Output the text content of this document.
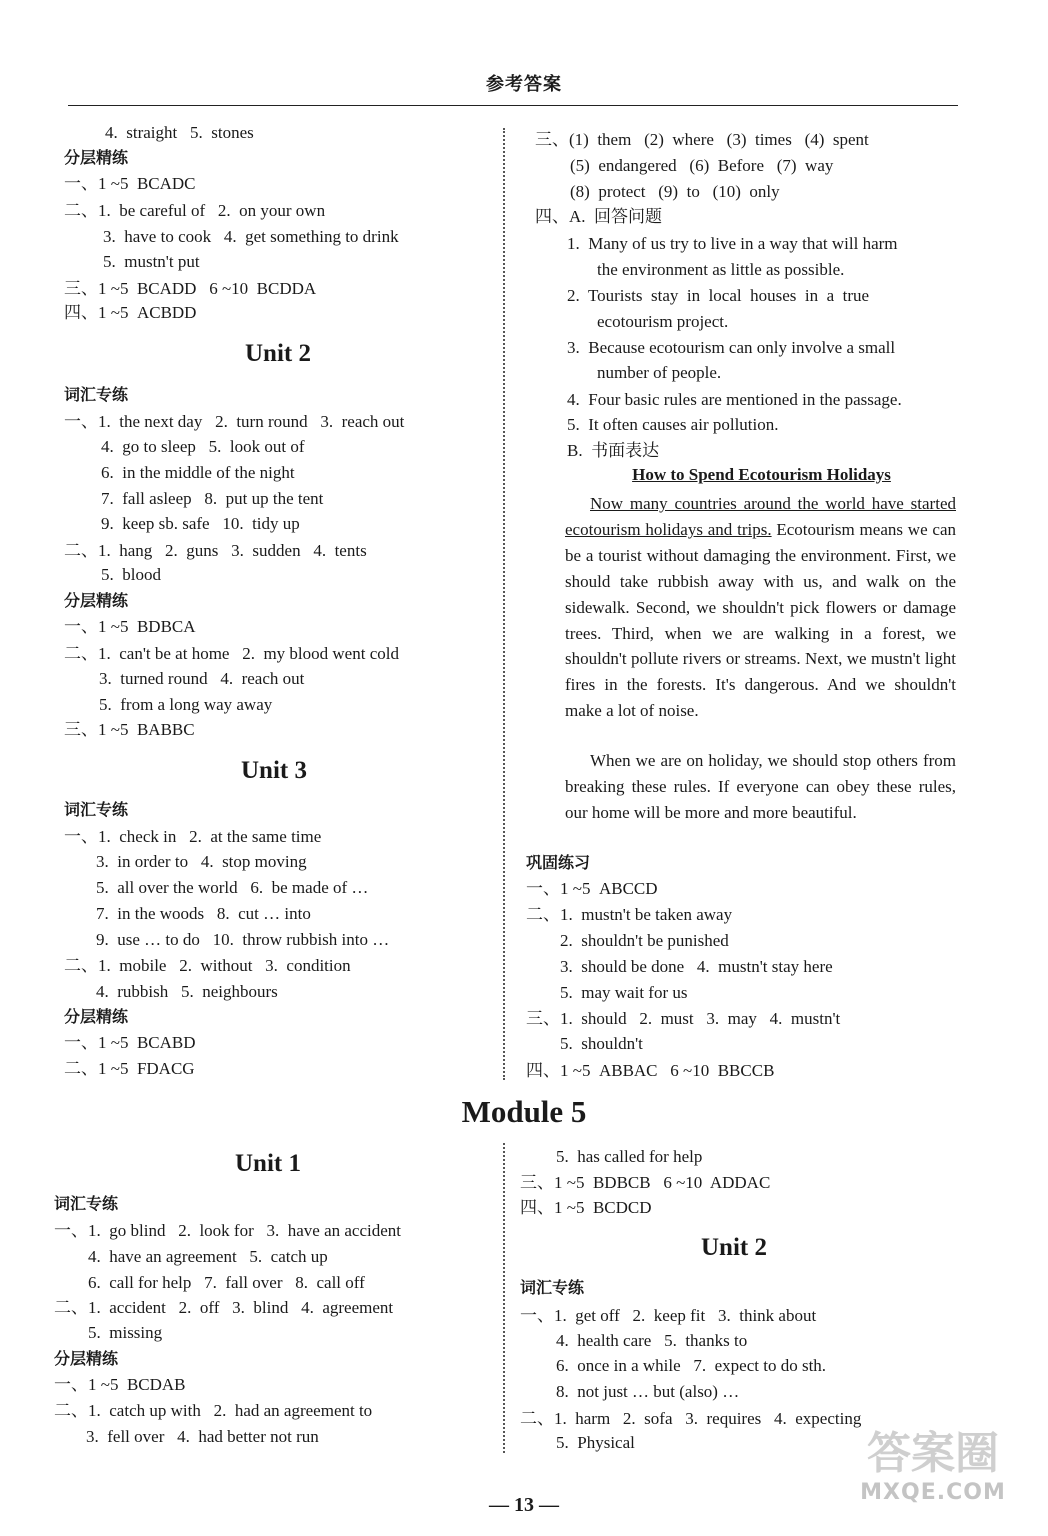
参考答案
4.  straight   5.  stones
分层精练
一、1 ~5  BCADC
二、1.  be careful of   2.  on your own
3.  have to cook   4.  get something to drink
5.  mustn't put
三、1 ~5  BCADD   6 ~10  BCDDA
四、1 ~5  ACBDD
词汇专练
一、1.  the next day   2.  turn round   3.  reach out
4.  go to sleep   5.  look out of
6.  in the middle of the night
7.  fall asleep   8.  put up the tent
9.  keep sb. safe   10.  tidy up
二、1.  hang   2.  guns   3.  sudden   4.  tents
5.  blood
分层精练
一、1 ~5  BDBCA
二、1.  can't be at home   2.  my blood went cold
3.  turned round   4.  reach out
5.  from a long way away
三、1 ~5  BABBC
词汇专练
一、1.  check in   2.  at the same time
3.  in order to   4.  stop moving
5.  all over the world   6.  be made of …
7.  in the woods   8.  cut … into
9.  use … to do   10.  throw rubbish into …
二、1.  mobile   2.  without   3.  condition
4.  rubbish   5.  neighbours
分层精练
一、1 ~5  BCABD
二、1 ~5  FDACG
三、(1)  them   (2)  where   (3)  times   (4)  spent
(5)  endangered   (6)  Before   (7)  way
(8)  protect   (9)  to   (10)  only
四、A.  回答问题
1.  Many of us try to live in a way that will harm
the environment as little as possible.
2.  Tourists  stay  in  local  houses  in  a  true
ecotourism project.
3.  Because ecotourism can only involve a small
number of people.
4.  Four basic rules are mentioned in the passage.
5.  It often causes air pollution.
B.  书面表达
巩固练习
一、1 ~5  ABCCD
二、1.  mustn't be taken away
2.  shouldn't be punished
3.  should be done   4.  mustn't stay here
5.  may wait for us
三、1.  should   2.  must   3.  may   4.  mustn't
5.  shouldn't
四、1 ~5  ABBAC   6 ~10  BBCCB
词汇专练
一、1.  go blind   2.  look for   3.  have an accident
4.  have an agreement   5.  catch up
6.  call for help   7.  fall over   8.  call off
二、1.  accident   2.  off   3.  blind   4.  agreement
5.  missing
分层精练
一、1 ~5  BCDAB
二、1.  catch up with   2.  had an agreement to
3.  fell over   4.  had better not run
5.  has called for help
三、1 ~5  BDBCB   6 ~10  ADDAC
四、1 ~5  BCDCD
词汇专练
一、1.  get off   2.  keep fit   3.  think about
4.  health care   5.  thanks to
6.  once in a while   7.  expect to do sth.
8.  not just … but (also) …
二、1.  harm   2.  sofa   3.  requires   4.  expecting
5.  Physical
Unit 2
Unit 3
Unit 1
Unit 2
Module 5
How to Spend Ecotourism Holidays
Now many countries around the world have started ecotourism holidays and trips. Ecotourism means we can be a tourist without damaging the environment. First, we should take rubbish away with us, and walk on the sidewalk. Second, we shouldn't pick flowers or damage trees. Third, when we are walking in a forest, we shouldn't pollute rivers or streams. Next, we mustn't light fires in the forests. It's dangerous. And we shouldn't make a lot of noise.
When we are on holiday, we should stop others from breaking these rules. If everyone can obey these rules, our home will be more and more beautiful.
— 13 —
答案圈
MXQE.COM
